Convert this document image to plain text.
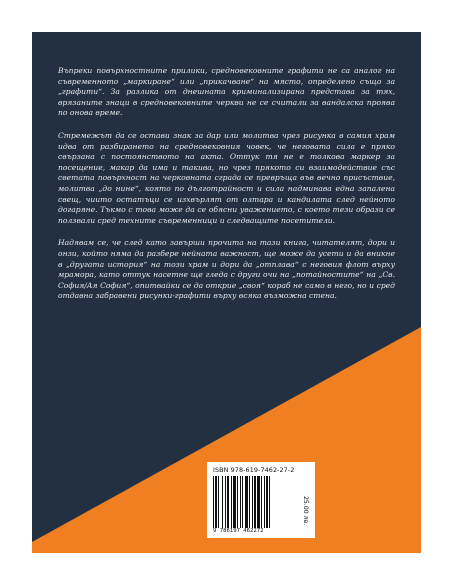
Въпреки повърхностните прилики, средновековните графити не са аналог на съвременното „маркиране“ или „прикачване“ на място, определено също за „графити“. За разлика от днешната криминализирана представа за тях, врязаните знаци в средновековните черкви не се считали за вандалска проява по онова време.

Стремежът да се остави знак за дар или молитва чрез рисунка в самия храм идва от разбирането на средновековния човек, че неговата сила е пряко свързана с постоянството на акта. Оттук тя не е толкова маркер за посещение, макар да има и такива, но чрез прякото си взаимодействие със светата повърхност на черковната сграда се превръща във вечно присъствие, молитва „до нине“, която по дълготрайност и сила надминава една запалена свещ, чиито остатъци се изхвърлят от олтара и кандилата след нейното догаряне. Тъкмо с това може да се обясни уважението, с което тези образи се ползвали сред техните съвременници и следващите посетители.

Надявам се, че след като завърши прочита на тази книга, читателят, дори и онзи, който няма да разбере нейната важност, ще може да усети и да вникне в „другата история“ на този храм и дори да „отплава“ с неговия флот върху мрамора, като оттук насетне ще гледа с други очи на „потайностите“ на „Св. София/Ая София“, опитвайки се да открие „своя“ кораб не само в него, но и сред отдавна забравени рисунки-графити върху всяка възможна стена.

ISBN 978-619-7462-27-2
9 786197 462272
25.00 лв.
